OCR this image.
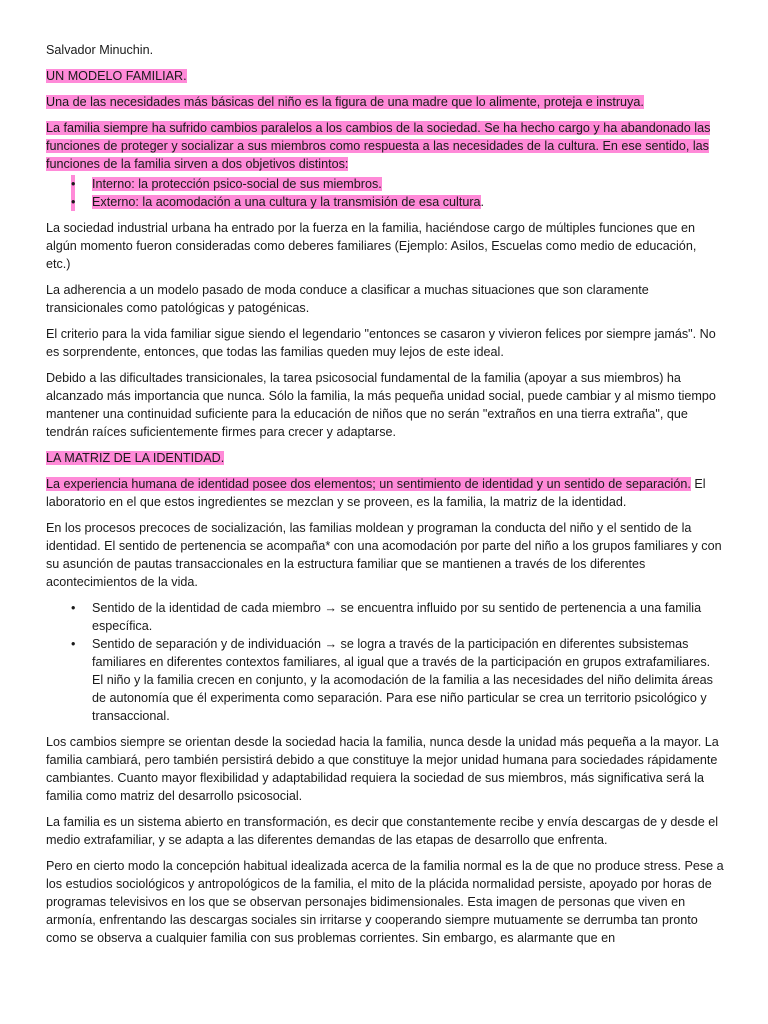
Salvador Minuchin.

UN MODELO FAMILIAR.

Una de las necesidades más básicas del niño es la figura de una madre que lo alimente, proteja e instruya.

La familia siempre ha sufrido cambios paralelos a los cambios de la sociedad. Se ha hecho cargo y ha abandonado las funciones de proteger y socializar a sus miembros como respuesta a las necesidades de la cultura. En ese sentido, las funciones de la familia sirven a dos objetivos distintos:

• Interno: la protección psico-social de sus miembros.
• Externo: la acomodación a una cultura y la transmisión de esa cultura.

La sociedad industrial urbana ha entrado por la fuerza en la familia, haciéndose cargo de múltiples funciones que en algún momento fueron consideradas como deberes familiares (Ejemplo: Asilos, Escuelas como medio de educación, etc.)

La adherencia a un modelo pasado de moda conduce a clasificar a muchas situaciones que son claramente transicionales como patológicas y patogénicas.

El criterio para la vida familiar sigue siendo el legendario "entonces se casaron y vivieron felices por siempre jamás". No es sorprendente, entonces, que todas las familias queden muy lejos de este ideal.

Debido a las dificultades transicionales, la tarea psicosocial fundamental de la familia (apoyar a sus miembros) ha alcanzado más importancia que nunca. Sólo la familia, la más pequeña unidad social, puede cambiar y al mismo tiempo mantener una continuidad suficiente para la educación de niños que no serán "extraños en una tierra extraña", que tendrán raíces suficientemente firmes para crecer y adaptarse.

LA MATRIZ DE LA IDENTIDAD.

La experiencia humana de identidad posee dos elementos; un sentimiento de identidad y un sentido de separación. El laboratorio en el que estos ingredientes se mezclan y se proveen, es la familia, la matriz de la identidad.

En los procesos precoces de socialización, las familias moldean y programan la conducta del niño y el sentido de la identidad. El sentido de pertenencia se acompaña* con una acomodación por parte del niño a los grupos familiares y con su asunción de pautas transaccionales en la estructura familiar que se mantienen a través de los diferentes acontecimientos de la vida.

• Sentido de la identidad de cada miembro → se encuentra influido por su sentido de pertenencia a una familia específica.
• Sentido de separación y de individuación → se logra a través de la participación en diferentes subsistemas familiares en diferentes contextos familiares, al igual que a través de la participación en grupos extrafamiliares. El niño y la familia crecen en conjunto, y la acomodación de la familia a las necesidades del niño delimita áreas de autonomía que él experimenta como separación. Para ese niño particular se crea un territorio psicológico y transaccional.

Los cambios siempre se orientan desde la sociedad hacia la familia, nunca desde la unidad más pequeña a la mayor. La familia cambiará, pero también persistirá debido a que constituye la mejor unidad humana para sociedades rápidamente cambiantes. Cuanto mayor flexibilidad y adaptabilidad requiera la sociedad de sus miembros, más significativa será la familia como matriz del desarrollo psicosocial.

La familia es un sistema abierto en transformación, es decir que constantemente recibe y envía descargas de y desde el medio extrafamiliar, y se adapta a las diferentes demandas de las etapas de desarrollo que enfrenta.

Pero en cierto modo la concepción habitual idealizada acerca de la familia normal es la de que no produce stress. Pese a los estudios sociológicos y antropológicos de la familia, el mito de la plácida normalidad persiste, apoyado por horas de programas televisivos en los que se observan personajes bidimensionales. Esta imagen de personas que viven en armonía, enfrentando las descargas sociales sin irritarse y cooperando siempre mutuamente se derrumba tan pronto como se observa a cualquier familia con sus problemas corrientes. Sin embargo, es alarmante que en
